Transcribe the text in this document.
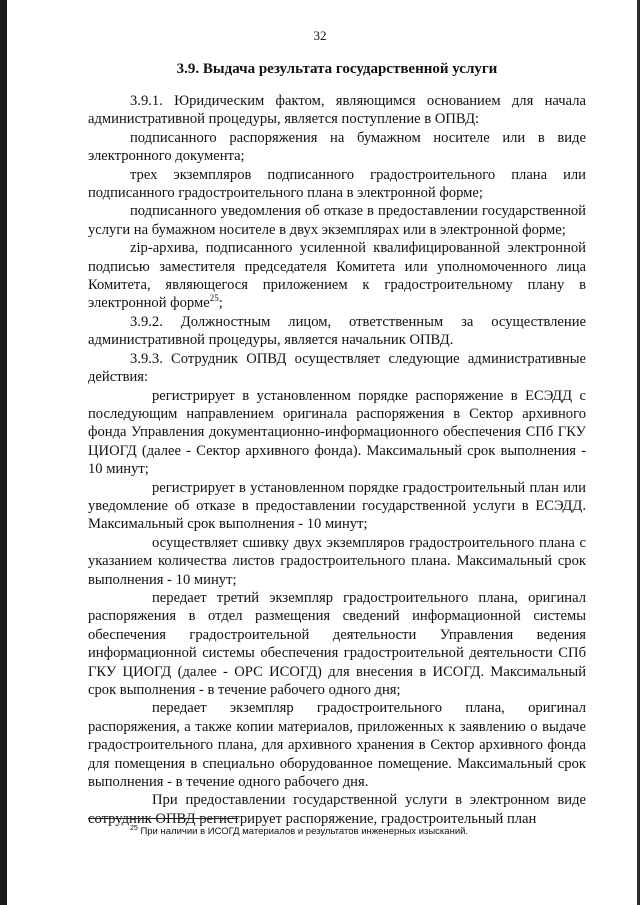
32
3.9. Выдача результата государственной услуги

3.9.1. Юридическим фактом, являющимся основанием для начала административной процедуры, является поступление в ОПВД:

подписанного распоряжения на бумажном носителе или в виде электронного документа;

трех экземпляров подписанного градостроительного плана или подписанного градостроительного плана в электронной форме;

подписанного уведомления об отказе в предоставлении государственной услуги на бумажном носителе в двух экземплярах или в электронной форме;

zip-архива, подписанного усиленной квалифицированной электронной подписью заместителя председателя Комитета или уполномоченного лица Комитета, являющегося приложением к градостроительному плану в электронной форме$^{25}$;

3.9.2. Должностным лицом, ответственным за осуществление административной процедуры, является начальник ОПВД.

3.9.3. Сотрудник ОПВД осуществляет следующие административные действия:

регистрирует в установленном порядке распоряжение в ЕСЭДД с последующим направлением оригинала распоряжения в Сектор архивного фонда Управления документационно-информационного обеспечения СПб ГКУ ЦИОГД (далее - Сектор архивного фонда). Максимальный срок выполнения - 10 минут;

регистрирует в установленном порядке градостроительный план или уведомление об отказе в предоставлении государственной услуги в ЕСЭДД. Максимальный срок выполнения - 10 минут;

осуществляет сшивку двух экземпляров градостроительного плана с указанием количества листов градостроительного плана. Максимальный срок выполнения - 10 минут;

передает третий экземпляр градостроительного плана, оригинал распоряжения в отдел размещения сведений информационной системы обеспечения градостроительной деятельности Управления ведения информационной системы обеспечения градостроительной деятельности СПб ГКУ ЦИОГД (далее - ОРС ИСОГД) для внесения в ИСОГД. Максимальный срок выполнения - в течение рабочего одного дня;

передает экземпляр градостроительного плана, оригинал распоряжения, а также копии материалов, приложенных к заявлению о выдаче градостроительного плана, для архивного хранения в Сектор архивного фонда для помещения в специально оборудованное помещение. Максимальный срок выполнения - в течение одного рабочего дня.

При предоставлении государственной услуги в электронном виде сотрудник ОПВД регистрирует распоряжение, градостроительный план

$^{25}$ При наличии в ИСОГД материалов и результатов инженерных изысканий.
